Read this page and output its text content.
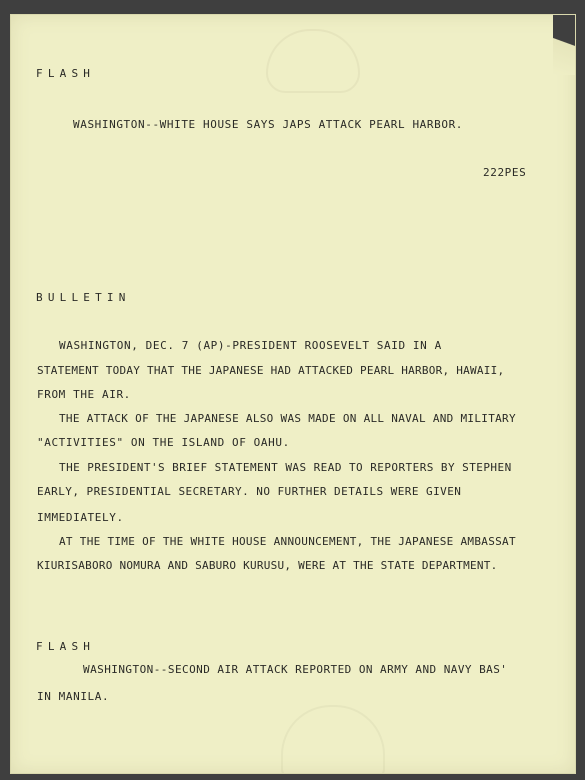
FLASH

WASHINGTON--WHITE HOUSE SAYS JAPS ATTACK PEARL HARBOR.

222PES

BULLETIN

WASHINGTON, DEC. 7 (AP)-PRESIDENT ROOSEVELT SAID IN A

STATEMENT TODAY THAT THE JAPANESE HAD ATTACKED PEARL HARBOR, HAWAII,

FROM THE AIR.

THE ATTACK OF THE JAPANESE ALSO WAS MADE ON ALL NAVAL AND MILITARY

"ACTIVITIES" ON THE ISLAND OF OAHU.

THE PRESIDENT'S BRIEF STATEMENT WAS READ TO REPORTERS BY STEPHEN

EARLY, PRESIDENTIAL SECRETARY. NO FURTHER DETAILS WERE GIVEN

IMMEDIATELY.

AT THE TIME OF THE WHITE HOUSE ANNOUNCEMENT, THE JAPANESE AMBASSAT

KIURISABORO NOMURA AND SABURO KURUSU, WERE AT THE STATE DEPARTMENT.

FLASH

WASHINGTON--SECOND AIR ATTACK REPORTED ON ARMY AND NAVY BAS'

IN MANILA.
